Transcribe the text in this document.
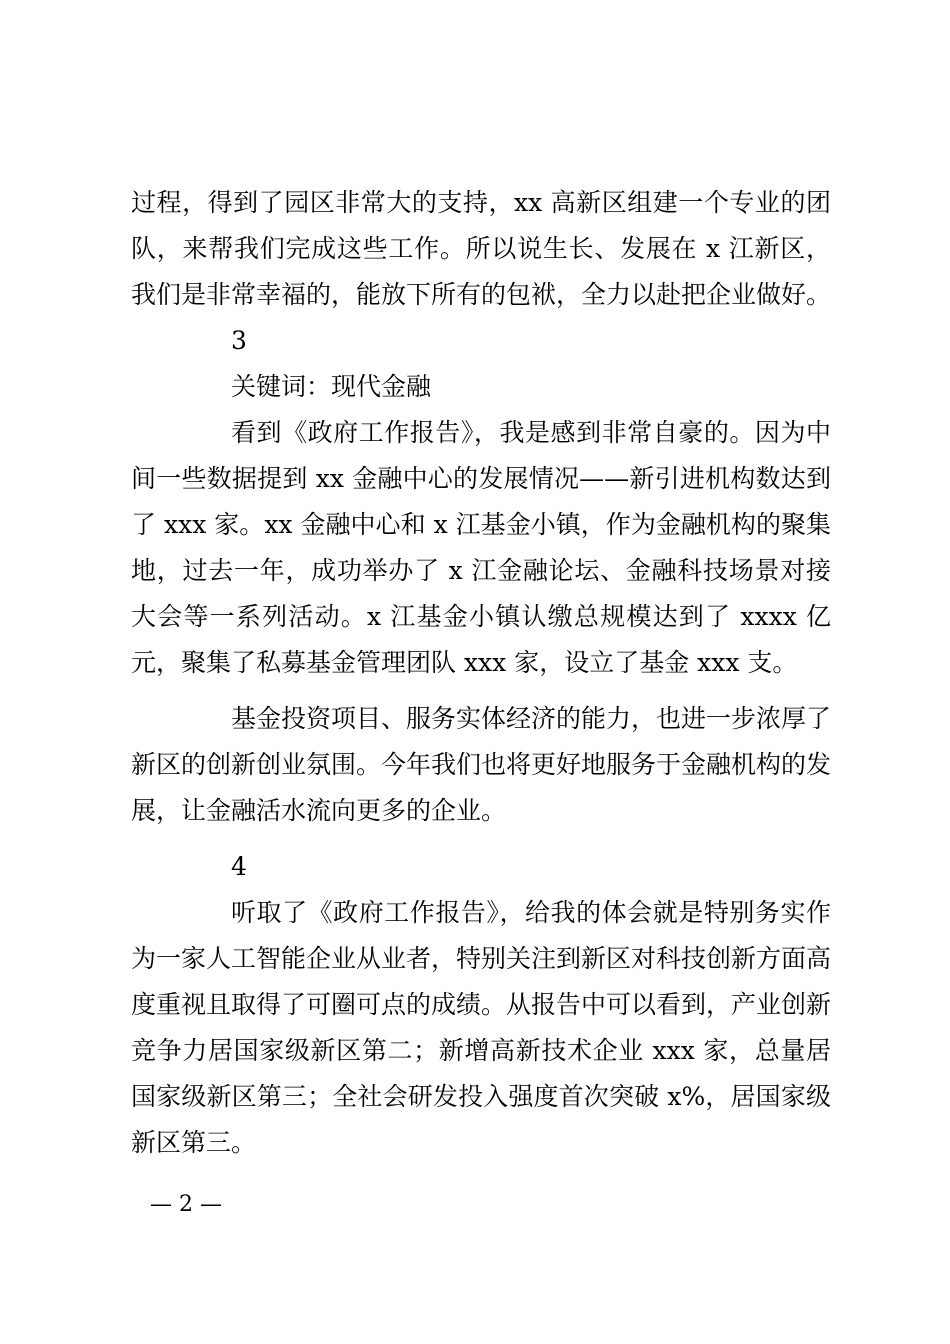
过程，得到了园区非常大的支持，xx 高新区组建一个专业的团队，来帮我们完成这些工作。所以说生长、发展在 x 江新区，我们是非常幸福的，能放下所有的包袱，全力以赴把企业做好。

3

关键词：现代金融

看到《政府工作报告》，我是感到非常自豪的。因为中间一些数据提到 xx 金融中心的发展情况——新引进机构数达到了 xxx 家。xx 金融中心和 x 江基金小镇，作为金融机构的聚集地，过去一年，成功举办了 x 江金融论坛、金融科技场景对接大会等一系列活动。x 江基金小镇认缴总规模达到了 xxxx 亿元，聚集了私募基金管理团队 xxx 家，设立了基金 xxx 支。

基金投资项目、服务实体经济的能力，也进一步浓厚了新区的创新创业氛围。今年我们也将更好地服务于金融机构的发展，让金融活水流向更多的企业。

4

听取了《政府工作报告》，给我的体会就是特别务实作为一家人工智能企业从业者，特别关注到新区对科技创新方面高度重视且取得了可圈可点的成绩。从报告中可以看到，产业创新竞争力居国家级新区第二；新增高新技术企业 xxx 家，总量居国家级新区第三；全社会研发投入强度首次突破 x%，居国家级新区第三。

— 2 —
